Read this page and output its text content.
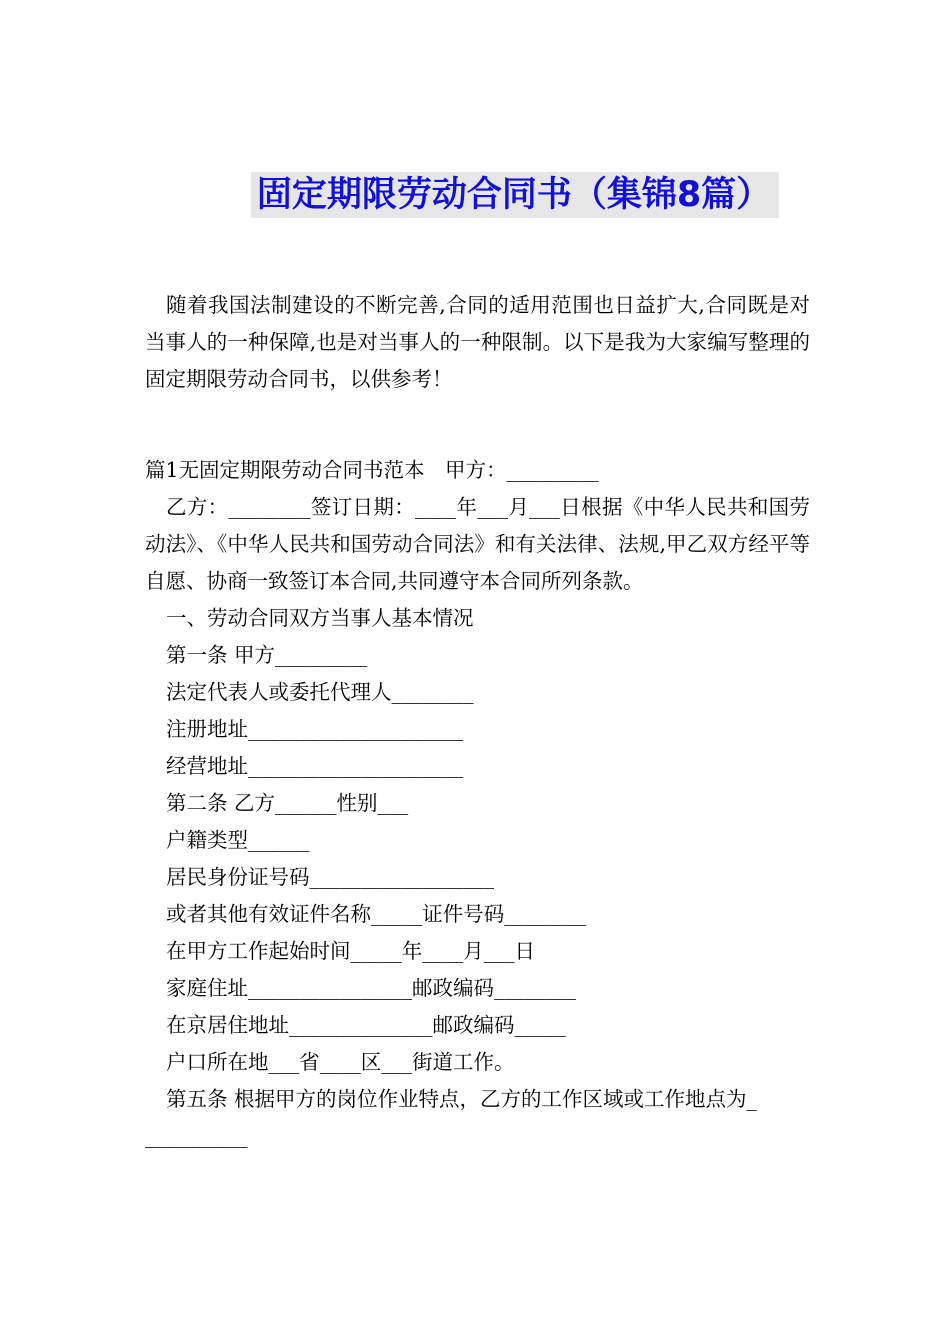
固定期限劳动合同书（集锦8篇）

随着我国法制建设的不断完善,合同的适用范围也日益扩大,合同既是对当事人的一种保障,也是对当事人的一种限制。以下是我为大家编写整理的固定期限劳动合同书，以供参考！

篇1无固定期限劳动合同书范本　甲方：_________

乙方：________签订日期：____年___月___日根据《中华人民共和国劳动法》、《中华人民共和国劳动合同法》和有关法律、法规,甲乙双方经平等自愿、协商一致签订本合同,共同遵守本合同所列条款。

一、劳动合同双方当事人基本情况

第一条 甲方_________

法定代表人或委托代理人________

注册地址_____________________

经营地址_____________________

第二条 乙方______性别___

户籍类型______

居民身份证号码__________________

或者其他有效证件名称_____证件号码________

在甲方工作起始时间_____年____月___日

家庭住址________________邮政编码________

在京居住地址______________邮政编码_____

户口所在地___省____区___街道工作。

第五条 根据甲方的岗位作业特点，乙方的工作区域或工作地点为_

__________
